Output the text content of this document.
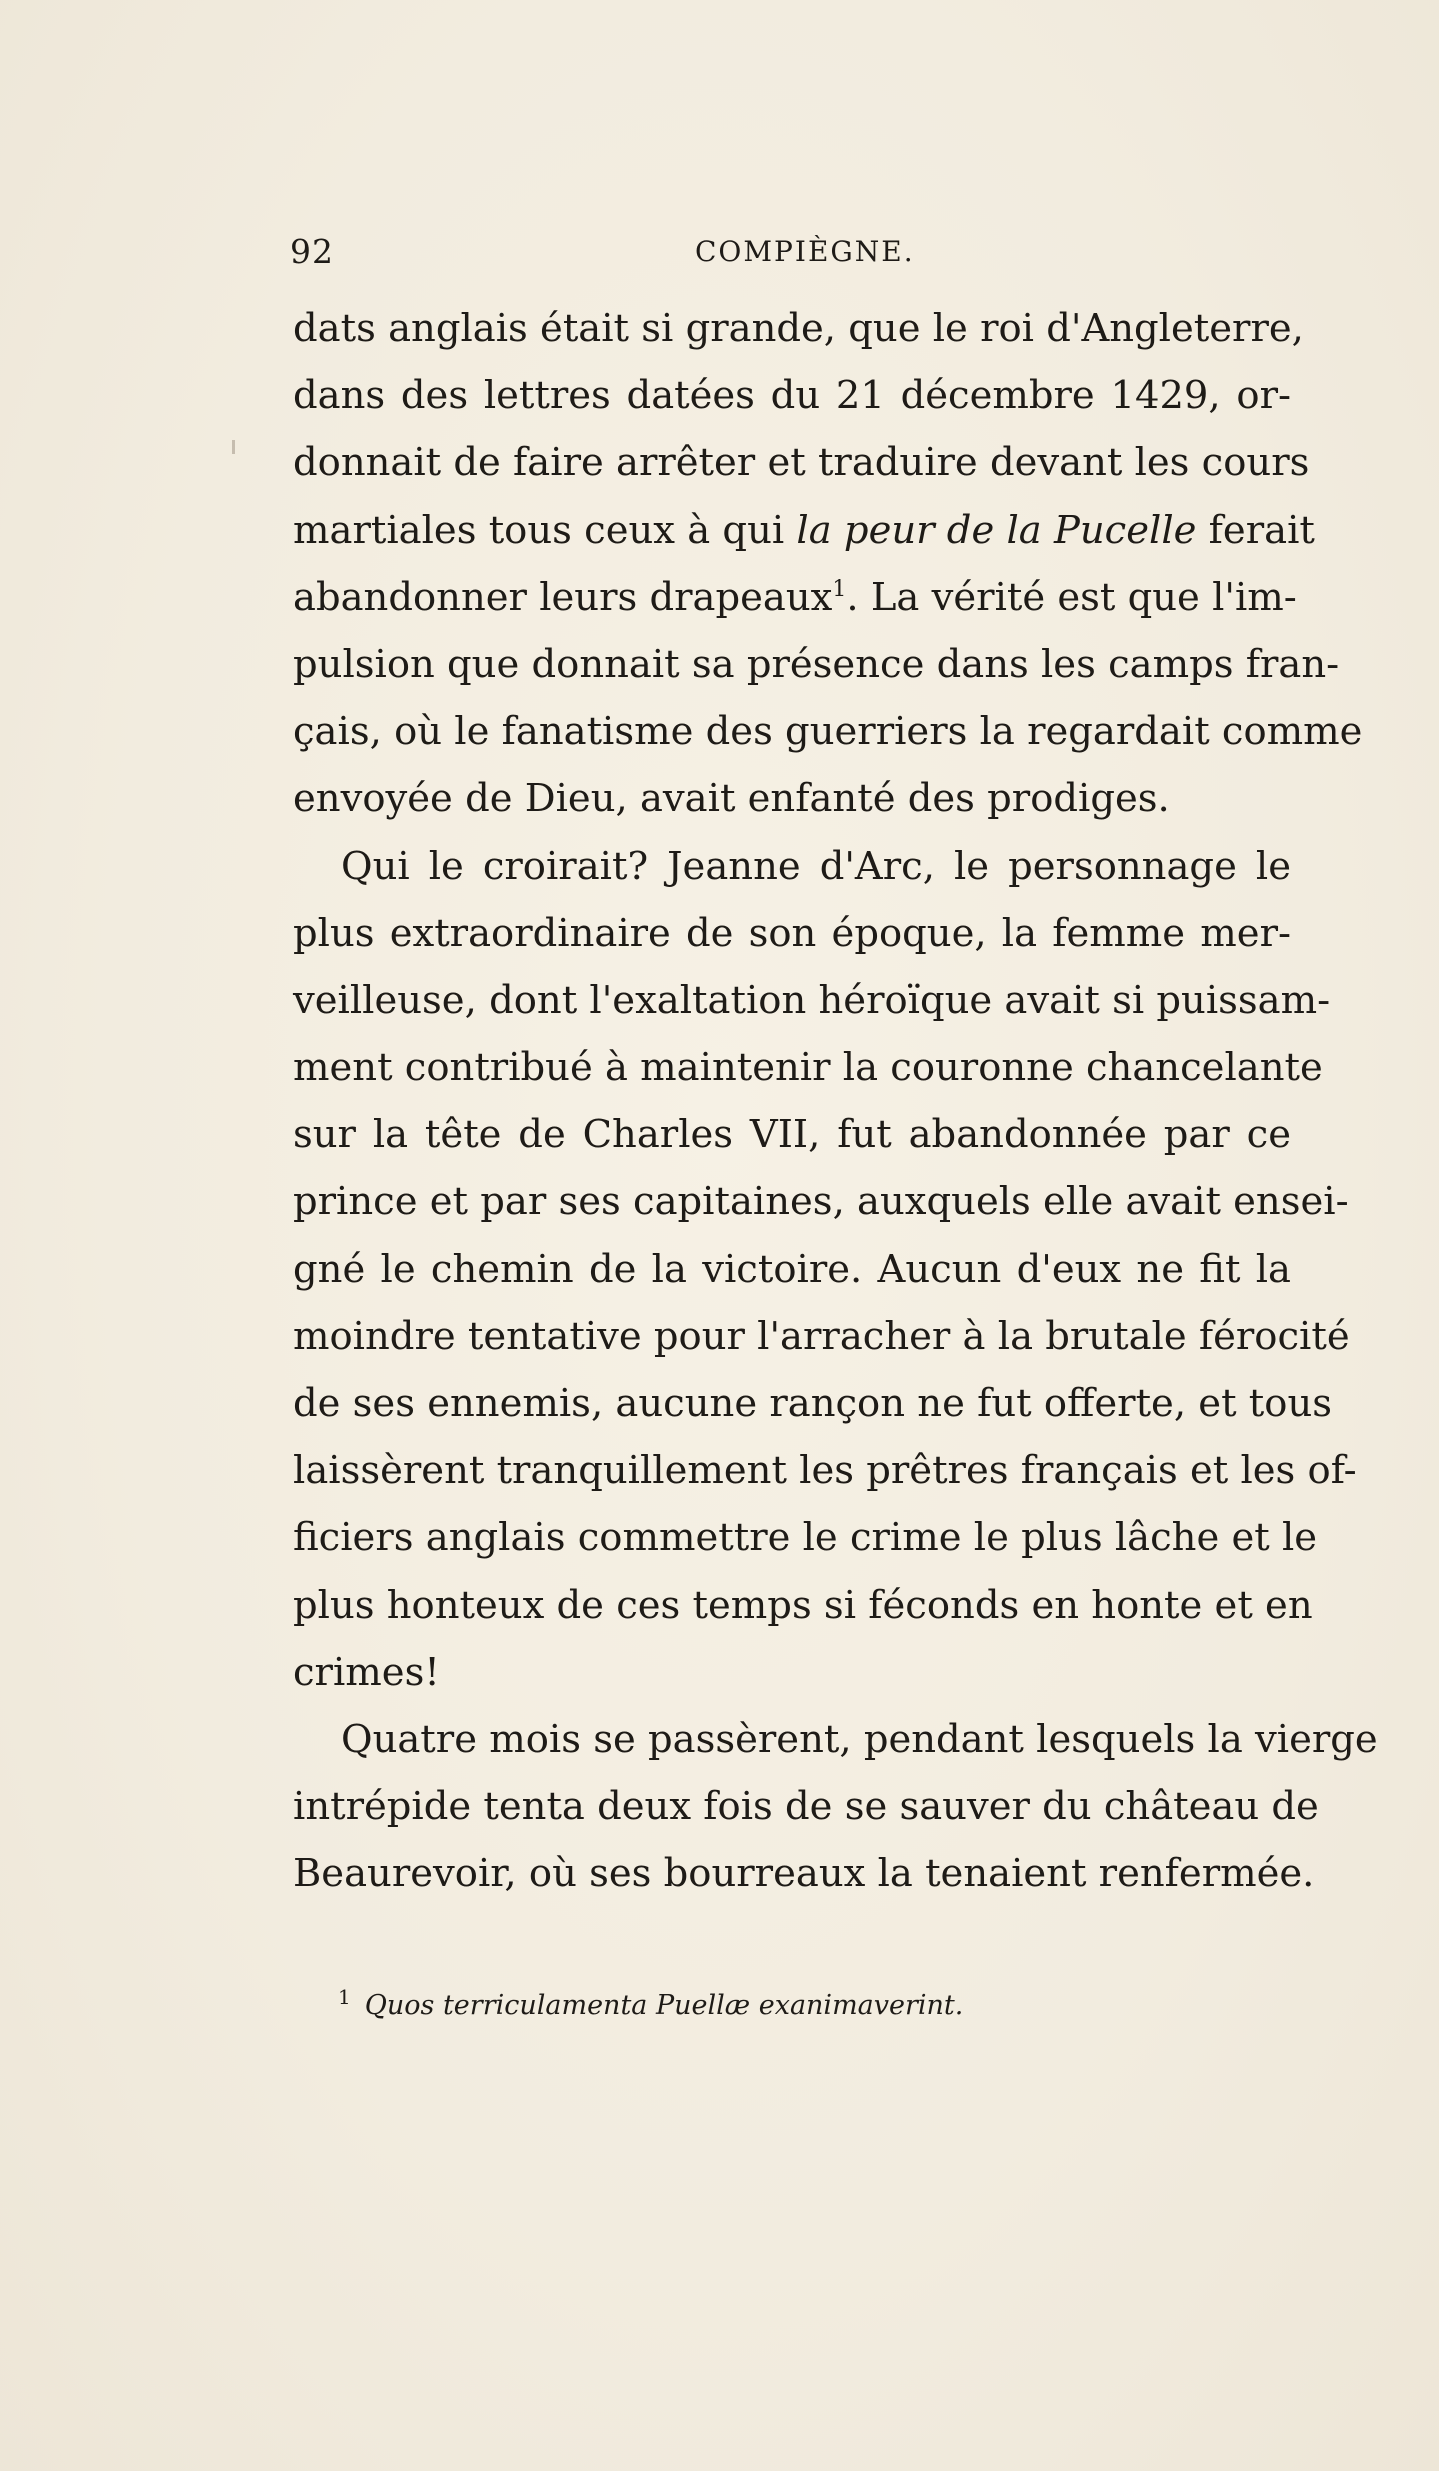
92	COMPIÈGNE.
dats anglais était si grande, que le roi d'Angleterre,
dans des lettres datées du 21 décembre 1429, or-
donnait de faire arrêter et traduire devant les cours
martiales tous ceux à qui la peur de la Pucelle ferait
abandonner leurs drapeaux$^1$. La vérité est que l'im-
pulsion que donnait sa présence dans les camps fran-
çais, où le fanatisme des guerriers la regardait comme
envoyée de Dieu, avait enfanté des prodiges.
Qui le croirait? Jeanne d'Arc, le personnage le
plus extraordinaire de son époque, la femme mer-
veilleuse, dont l'exaltation héroïque avait si puissam-
ment contribué à maintenir la couronne chancelante
sur la tête de Charles VII, fut abandonnée par ce
prince et par ses capitaines, auxquels elle avait ensei-
gné le chemin de la victoire. Aucun d'eux ne fit la
moindre tentative pour l'arracher à la brutale férocité
de ses ennemis, aucune rançon ne fut offerte, et tous
laissèrent tranquillement les prêtres français et les of-
ficiers anglais commettre le crime le plus lâche et le
plus honteux de ces temps si féconds en honte et en
crimes!
Quatre mois se passèrent, pendant lesquels la vierge
intrépide tenta deux fois de se sauver du château de
Beaurevoir, où ses bourreaux la tenaient renfermée.
$^1$ Quos terriculamenta Puellæ exanimaverint.
